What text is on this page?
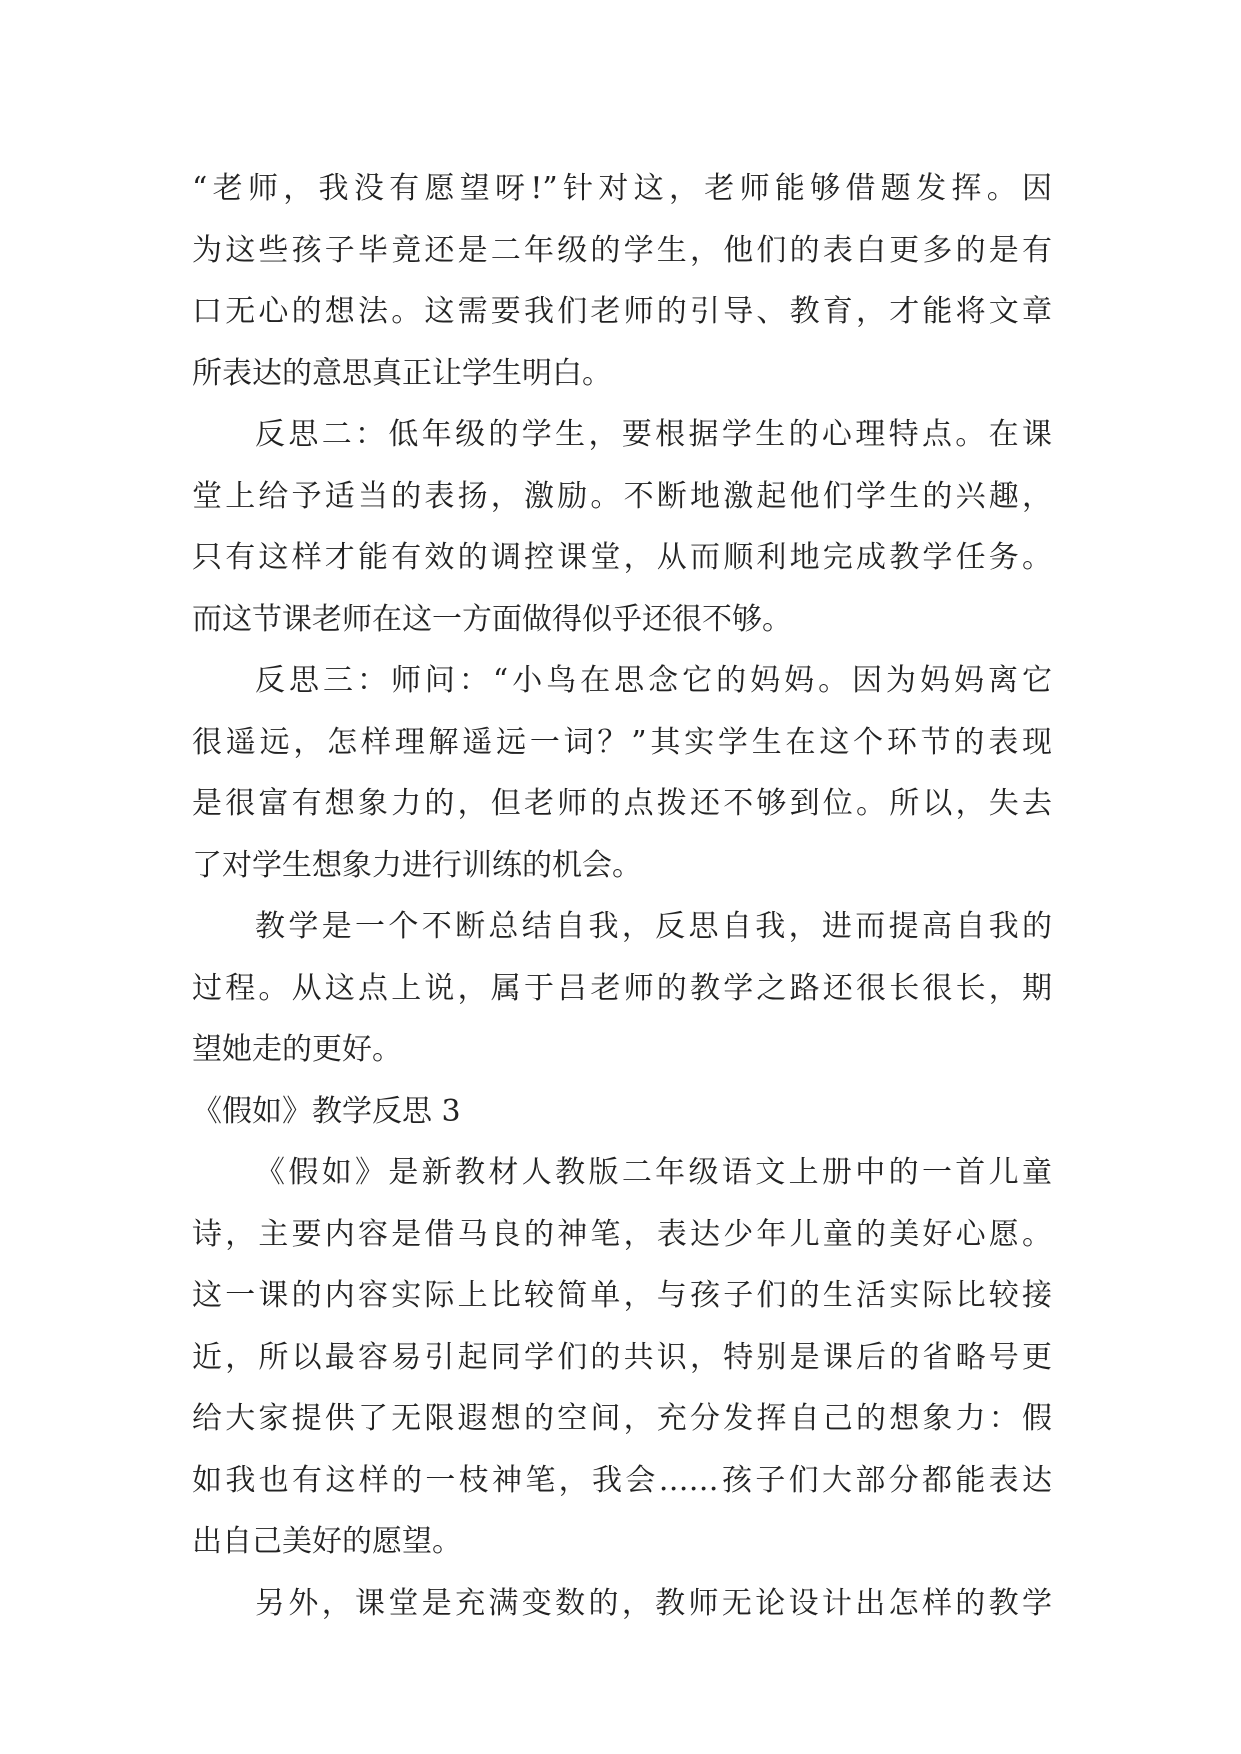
“老师，我没有愿望呀!”针对这，老师能够借题发挥。因
为这些孩子毕竟还是二年级的学生，他们的表白更多的是有
口无心的想法。这需要我们老师的引导、教育，才能将文章
所表达的意思真正让学生明白。
反思二：低年级的学生，要根据学生的心理特点。在课
堂上给予适当的表扬，激励。不断地激起他们学生的兴趣，
只有这样才能有效的调控课堂，从而顺利地完成教学任务。
而这节课老师在这一方面做得似乎还很不够。
反思三：师问：“小鸟在思念它的妈妈。因为妈妈离它
很遥远，怎样理解遥远一词？”其实学生在这个环节的表现
是很富有想象力的，但老师的点拨还不够到位。所以，失去
了对学生想象力进行训练的机会。
教学是一个不断总结自我，反思自我，进而提高自我的
过程。从这点上说，属于吕老师的教学之路还很长很长，期
望她走的更好。
《假如》教学反思 3
《假如》是新教材人教版二年级语文上册中的一首儿童
诗，主要内容是借马良的神笔，表达少年儿童的美好心愿。
这一课的内容实际上比较简单，与孩子们的生活实际比较接
近，所以最容易引起同学们的共识，特别是课后的省略号更
给大家提供了无限遐想的空间，充分发挥自己的想象力：假
如我也有这样的一枝神笔，我会……孩子们大部分都能表达
出自己美好的愿望。
另外，课堂是充满变数的，教师无论设计出怎样的教学
